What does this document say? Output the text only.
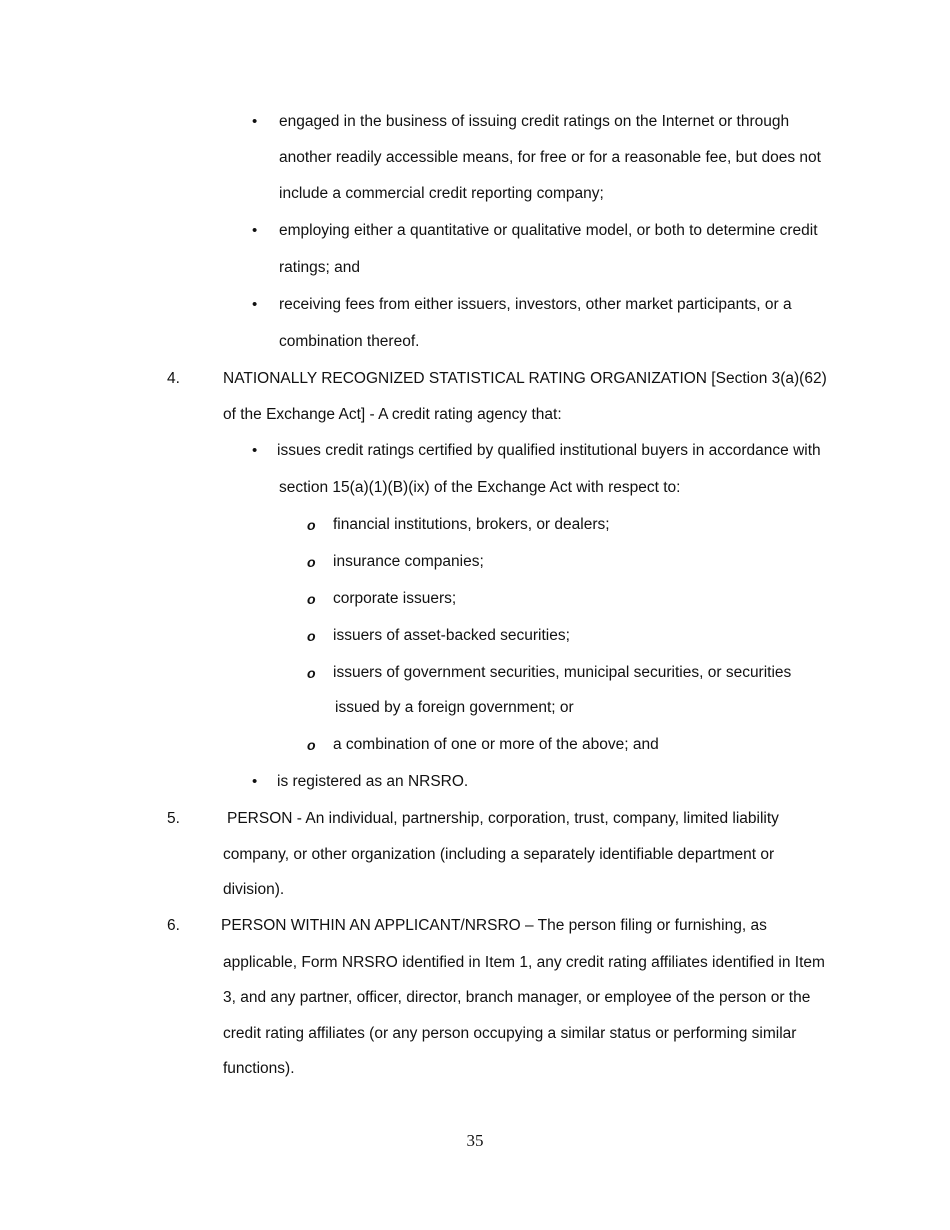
• engaged in the business of issuing credit ratings on the Internet or through
another readily accessible means, for free or for a reasonable fee, but does not
include a commercial credit reporting company;
• employing either a quantitative or qualitative model, or both to determine credit
ratings; and
• receiving fees from either issuers, investors, other market participants, or a
combination thereof.
4.	NATIONALLY RECOGNIZED STATISTICAL RATING ORGANIZATION [Section 3(a)(62)
of the Exchange Act] - A credit rating agency that:
• issues credit ratings certified by qualified institutional buyers in accordance with
section 15(a)(1)(B)(ix) of the Exchange Act with respect to:
o financial institutions, brokers, or dealers;
o insurance companies;
o corporate issuers;
o issuers of asset-backed securities;
o issuers of government securities, municipal securities, or securities
issued by a foreign government; or
o a combination of one or more of the above; and
• is registered as an NRSRO.
5.	PERSON - An individual, partnership, corporation, trust, company, limited liability
company, or other organization (including a separately identifiable department or
division).
6.	PERSON WITHIN AN APPLICANT/NRSRO – The person filing or furnishing, as
applicable, Form NRSRO identified in Item 1, any credit rating affiliates identified in Item
3, and any partner, officer, director, branch manager, or employee of the person or the
credit rating affiliates (or any person occupying a similar status or performing similar
functions).
35
